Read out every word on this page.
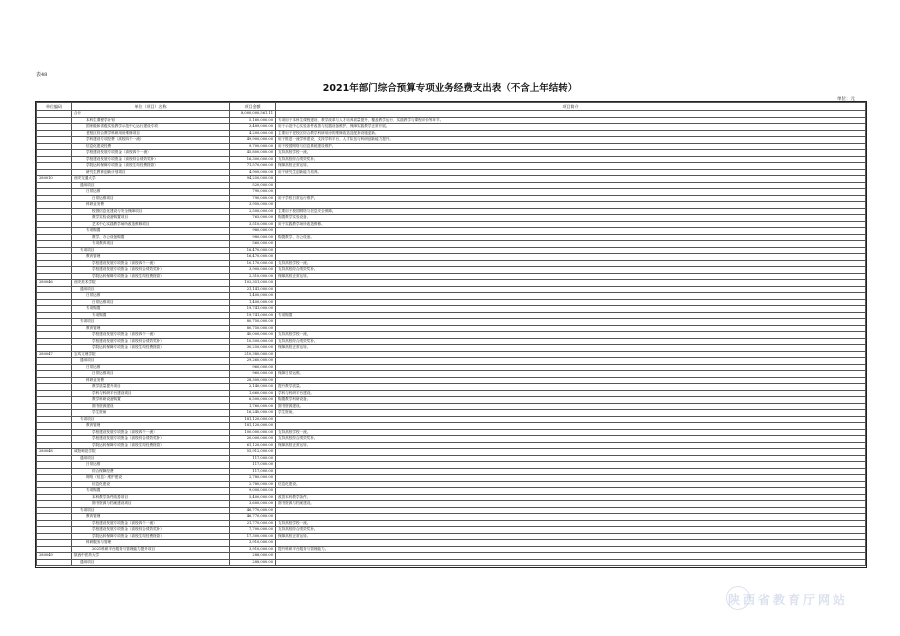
表48
2021年部门综合预算专项业务经费支出表（不含上年结转）
单位：元
单位编码	单位（项目）名称	项目金额	项目简介
	合计	8,000,000,561.11	
	本科生课程学计划	5,160,000.00	专项用于本科生课程建设、教学改革与人才培养质量提升，覆盖教学运行、实践教学与课程评价等环节。
	国家级和省级实验教学示范中心运行建设专项	3,489,000.00	用于示范中心实验条件改善与仪器设备维护，保障实践教学正常开展。
	老校区综合教学科研用房维修项目	4,200,000.00	主要用于老校区综合教学科研用房的维修改造及配套设施更新。
	学科建设专项经费（高校四个一流）	49,900,000.00	用于推进一流学科建设，支持学科平台、人才队伍与科研创新能力提升。
	信息化建设经费	9,700,000.00	用于校园网络与信息系统建设维护。
	学校建设发展专项资金（高校四个一流）	45,800,000.00	支持高校学校一流。
	学校建设发展专项资金（高校综合绩效奖补）	16,300,000.00	支持高校综合绩效奖补。
	学院运转保障专项资金（高校生均经费拨款）	71,570,000.00	保障高校正常运转。
	研究生教育创新计划项目	4,900,000.00	用于研究生创新能力培养。
280010	西安交通大学	94,250,000.00	
	通用项目	520,000.00	
	日常运维	790,000.00	
	日常运维项目	790,000.00	用于学校日常运行维护。
	科研业务费	3,950,000.00	
	校园信息化建设与安全保障项目	2,500,000.00	主要用于校园网络与信息安全保障。
	教学实验设备购置项目	765,000.00	购置教学实验设备。
	艺术中心实践教学场所改造维修项目	3,510,000.00	用于实践教学场所改造维修。
	专项购置	980,000.00	
	教学、办公设备购置	980,000.00	购置教学、办公设备。
	专项教育项目	560,000.00	
	专项项目	16,470,000.00	
	教育管理	16,470,000.00	
	学校建设发展专项资金（高校四个一流）	10,170,000.00	支持高校学校一流。
	学校建设发展专项资金（高校综合绩效奖补）	3,900,000.00	支持高校综合绩效奖补。
	学院运转保障专项资金（高校生均经费拨款）	2,310,000.00	保障高校正常运转。
280046	西安美术学院	102,351,000.00	
	通用项目	21,141,000.00	
	日常运维	1,400,000.00	
	日常运维项目	1,400,000.00	
	专项购置	19,741,000.00	
	专项购置	19,741,000.00	专项购置
	专项项目	80,750,000.00	
	教育管理	80,750,000.00	
	学校建设发展专项资金（高校四个一流）	40,000,000.00	支持高校学校一流。
	学校建设发展专项资金（高校综合绩效奖补）	10,500,000.00	支持高校综合绩效奖补。
	学院运转保障专项资金（高校生均经费拨款）	30,250,000.00	保障高校正常运转。
280047	宝鸡文理学院	210,380,000.00	
	通用项目	29,260,000.00	
	日常运维	960,000.00	
	日常运维项目	960,000.00	保障日常运维。
	科研业务费	28,300,000.00	
	教学质量提升项目	2,140,000.00	提升教学质量。
	学科与科研平台建设项目	1,660,000.00	学科与科研平台建设。
	教学科研设备购置	6,500,000.00	购置教学科研设备。
	图书资源建设	1,760,000.00	图书资源建设。
	学生资助	16,240,000.00	学生资助。
	专项项目	181,120,000.00	
	教育管理	181,120,000.00	
	学校建设发展专项资金（高校四个一流）	100,000,000.00	支持高校学校一流。
	学校建设发展专项资金（高校综合绩效奖补）	20,000,000.00	支持高校综合绩效奖补。
	学院运转保障专项资金（高校生均经费拨款）	61,120,000.00	保障高校正常运转。
280048	咸阳师范学院	55,912,000.00	
	通用项目	117,000.00	
	日常运维	117,000.00	
	综合保障经费	117,000.00	
	网络（信息）维护建设	2,780,000.00	
	信息化建设	2,780,000.00	信息化建设。
	专项购置	9,000,000.00	
	本科教学条件改善项目	5,400,000.00	改善本科教学条件。
	图书资源与档案建设项目	3,600,000.00	图书资源与档案建设。
	专项项目	46,770,000.00	
	教育管理	46,770,000.00	
	学校建设发展专项资金（高校四个一流）	21,770,000.00	支持高校学校一流。
	学校建设发展专项资金（高校综合绩效奖补）	7,700,000.00	支持高校综合绩效奖补。
	学院运转保障专项资金（高校生均经费拨款）	17,300,000.00	保障高校正常运转。
	科研服务与管理	3,910,000.00	
	2021科研平台服务与管理能力提升项目	3,910,000.00	提升科研平台服务与管理能力。
280049	陕西中医药大学	288,000.00	
	通用项目	288,000.00	
陕西省教育厅网站
